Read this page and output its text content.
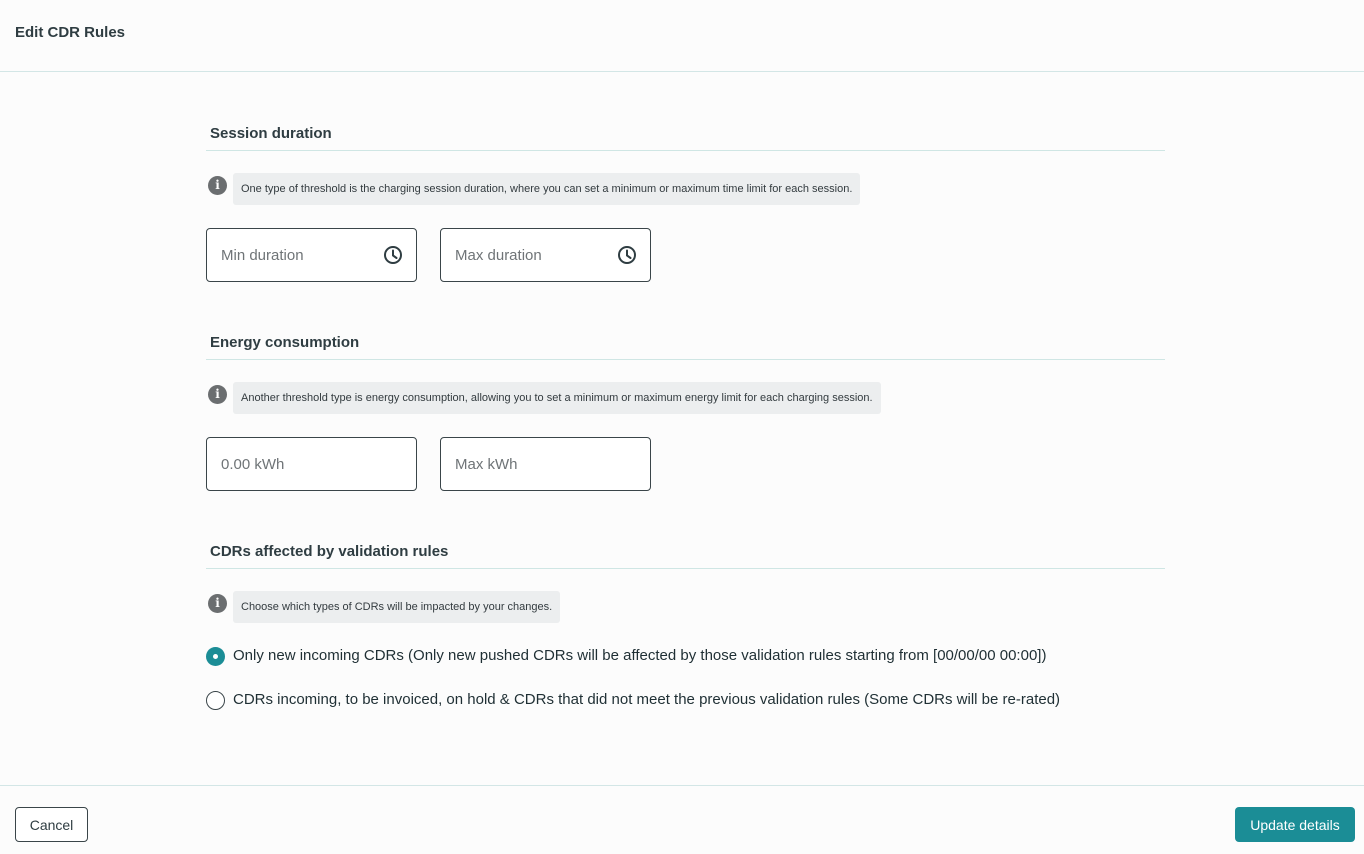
Edit CDR Rules
Session duration
i	One type of threshold is the charging session duration, where you can set a minimum or maximum time limit for each session.
Min duration
Max duration
Energy consumption
i	Another threshold type is energy consumption, allowing you to set a minimum or maximum energy limit for each charging session.
0.00 kWh
Max kWh
CDRs affected by validation rules
i	Choose which types of CDRs will be impacted by your changes.
Only new incoming CDRs (Only new pushed CDRs will be affected by those validation rules starting from [00/00/00 00:00])
CDRs incoming, to be invoiced, on hold & CDRs that did not meet the previous validation rules (Some CDRs will be re-rated)
Cancel	Update details
